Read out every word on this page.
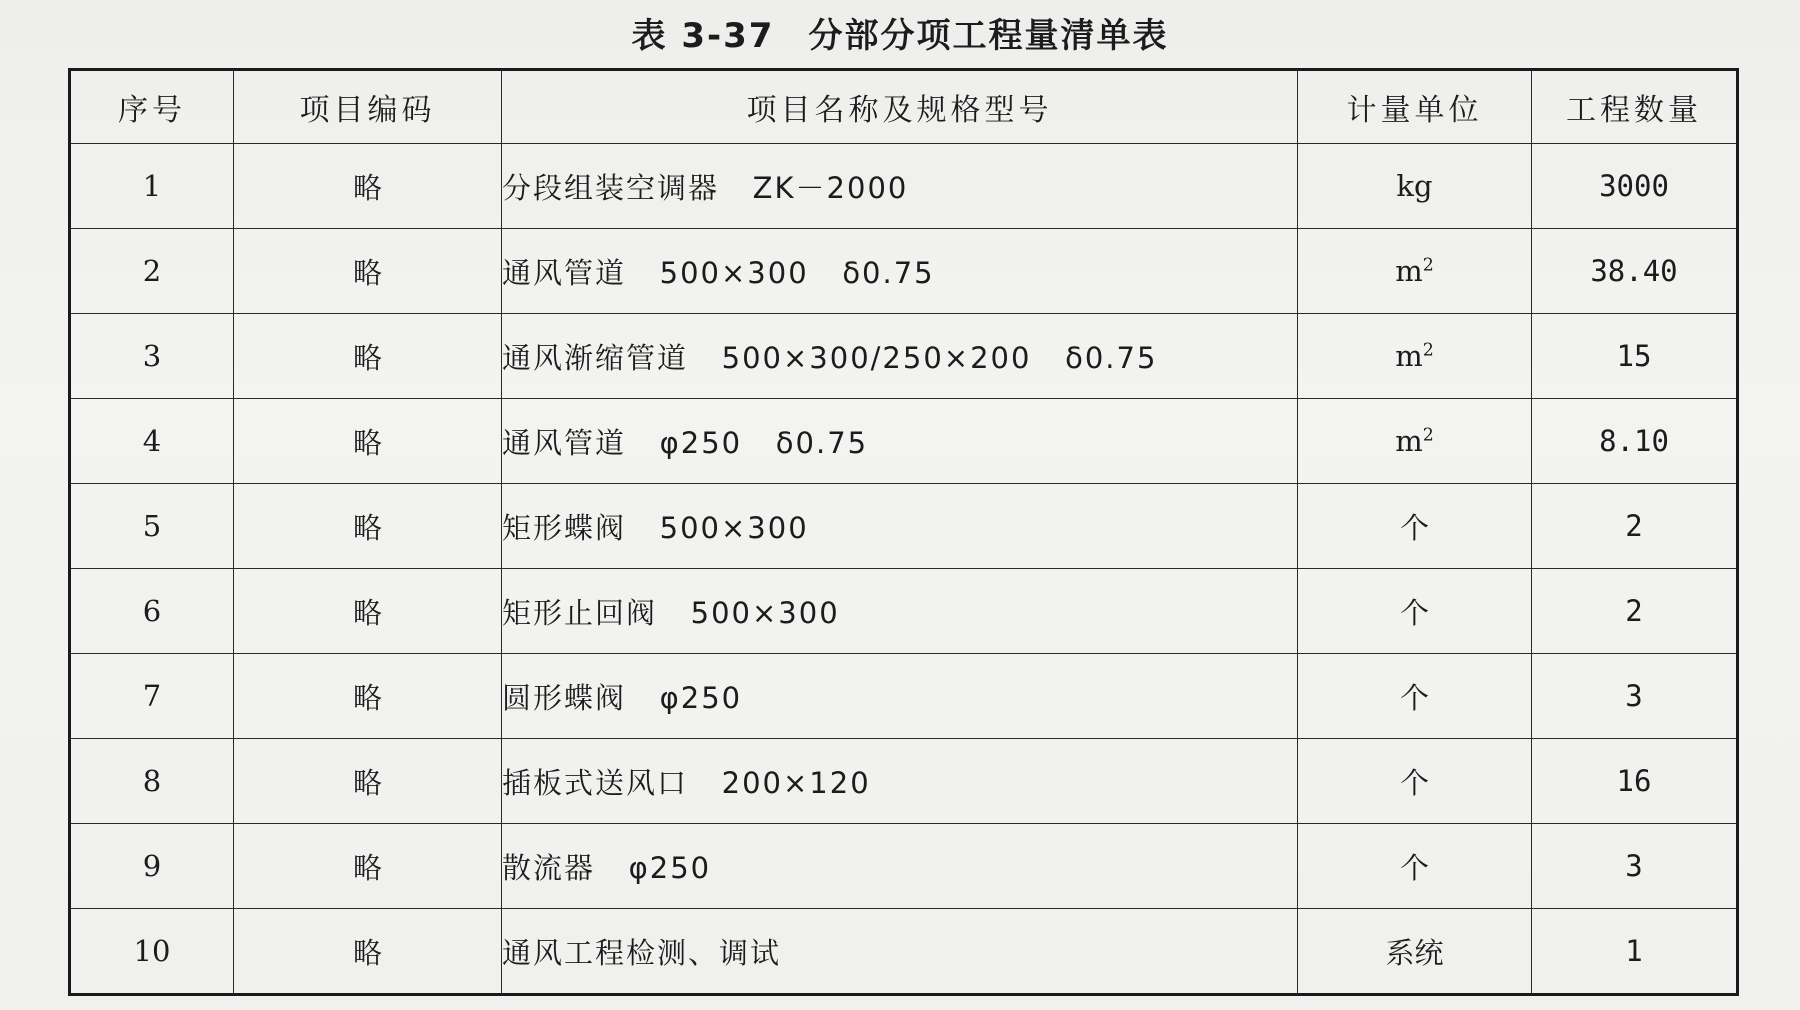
表 3-37 分部分项工程量清单表
序号	项目编码	项目名称及规格型号	计量单位	工程数量
1	略	分段组装空调器   ZK－2000	kg	3000
2	略	通风管道   500×300   δ0.75	$m^2$	38.40
3	略	通风渐缩管道   500×300/250×200   δ0.75	$m^2$	15
4	略	通风管道   φ250   δ0.75	$m^2$	8.10
5	略	矩形蝶阀   500×300	个	2
6	略	矩形止回阀   500×300	个	2
7	略	圆形蝶阀   φ250	个	3
8	略	插板式送风口   200×120	个	16
9	略	散流器   φ250	个	3
10	略	通风工程检测、调试	系统	1
